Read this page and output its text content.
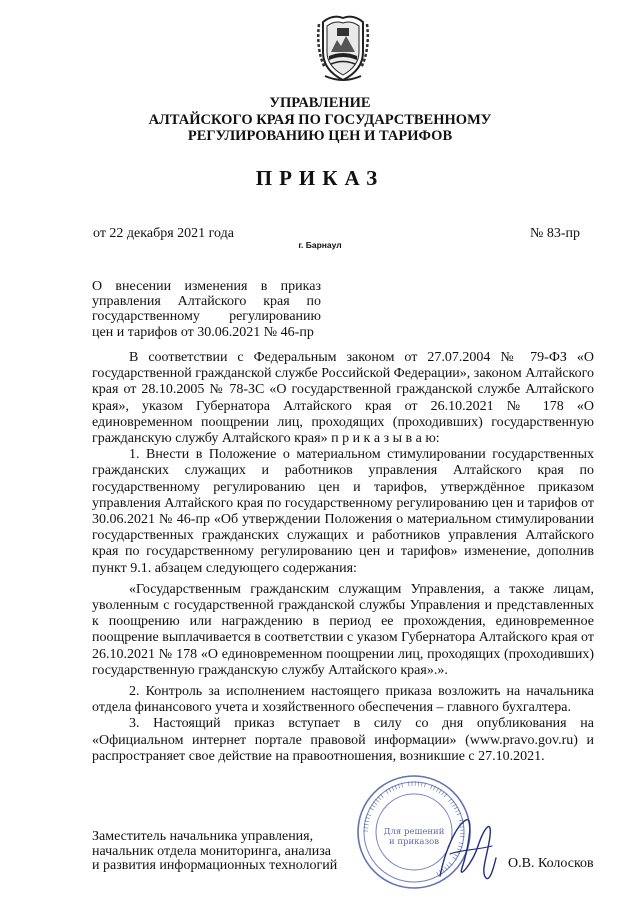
УПРАВЛЕНИЕ
АЛТАЙСКОГО КРАЯ ПО ГОСУДАРСТВЕННОМУ
РЕГУЛИРОВАНИЮ ЦЕН И ТАРИФОВ
ПРИКАЗ
от 22 декабря 2021 года	№ 83-пр
г. Барнаул
О внесении изменения в приказ
управления Алтайского края по
государственному регулированию
цен и тарифов от 30.06.2021 № 46-пр

В соответствии с Федеральным законом от 27.07.2004 № 79-ФЗ «О государственной гражданской службе Российской Федерации», законом Алтайского края от 28.10.2005 № 78-ЗС «О государственной гражданской службе Алтайского края», указом Губернатора Алтайского края от 26.10.2021 № 178 «О единовременном поощрении лиц, проходящих (проходивших) государственную гражданскую службу Алтайского края» п р и к а з ы в а ю:

1. Внести в Положение о материальном стимулировании государственных гражданских служащих и работников управления Алтайского края по государственному регулированию цен и тарифов, утверждённое приказом управления Алтайского края по государственному регулированию цен и тарифов от 30.06.2021 № 46-пр «Об утверждении Положения о материальном стимулировании государственных гражданских служащих и работников управления Алтайского края по государственному регулированию цен и тарифов» изменение, дополнив пункт 9.1. абзацем следующего содержания:

«Государственным гражданским служащим Управления, а также лицам, уволенным с государственной гражданской службы Управления и представленных к поощрению или награждению в период ее прохождения, единовременное поощрение выплачивается в соответствии с указом Губернатора Алтайского края от 26.10.2021 № 178 «О единовременном поощрении лиц, проходящих (проходивших) государственную гражданскую службу Алтайского края».».

2. Контроль за исполнением настоящего приказа возложить на начальника отдела финансового учета и хозяйственного обеспечения – главного бухгалтера.

3. Настоящий приказ вступает в силу со дня опубликования на «Официальном интернет портале правовой информации» (www.pravo.gov.ru) и распространяет свое действие на правоотношения, возникшие с 27.10.2021.

IIIIII IIIIII IIIIII IIIIII IIIIII IIIIII IIIIII IIIIII IIIIII
Для решений
и приказов
Заместитель начальника управления,
начальник отдела мониторинга, анализа
и развития информационных технологий	О.В. Колосков
